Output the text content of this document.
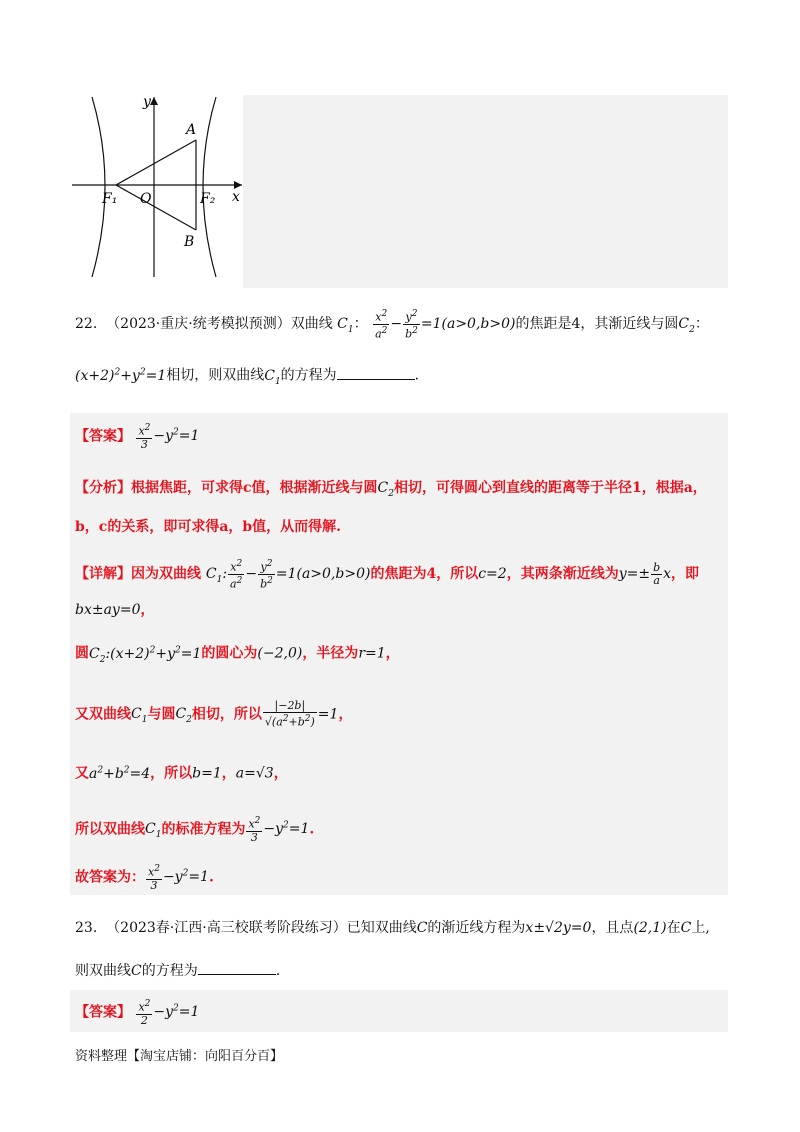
y
x
O
A
B
F₁	F₂
22. （2023·重庆·统考模拟预测）双曲线 $C_1$： $\frac{x^2}{a^2} - \frac{y^2}{b^2} =1(a>0,b>0)$的焦距是4，其渐近线与圆$C_2$：
$(x+2)^2+y^2=1$相切，则双曲线$C_1$的方程为	.
【答案】 $\frac{x^2}{3} -y^2=1$
【分析】根据焦距，可求得c值，根据渐近线与圆$C_2$相切，可得圆心到直线的距离等于半径1，根据a，
b，c的关系，即可求得a，b值，从而得解.
【详解】因为双曲线 $C_1$: $\frac{x^2}{a^2} - \frac{y^2}{b^2} =1(a>0,b>0)$的焦距为4，所以c=2，其两条渐近线为$y=\pm \frac{b}{a}$ x，即
bx±ay=0，
圆$C_2:(x+2)^2+y^2=1$的圆心为(−2,0)，半径为r=1，
又双曲线$C_1$与圆$C_2$相切，所以 $\frac{|-2b|}{√(a^2+b^2)} =1$，
又$a^2+b^2=4$，所以b=1，a=√3，
所以双曲线$C_1$的标准方程为 $\frac{x^2}{3} -y^2=1$.
故答案为： $\frac{x^2}{3} -y^2=1$.
23. （2023春·江西·高三校联考阶段练习）已知双曲线C的渐近线方程为x±√2y=0，且点(2,1)在C上,
则双曲线C的方程为	.
【答案】 $\frac{x^2}{2} -y^2=1$
资料整理【淘宝店铺：向阳百分百】
